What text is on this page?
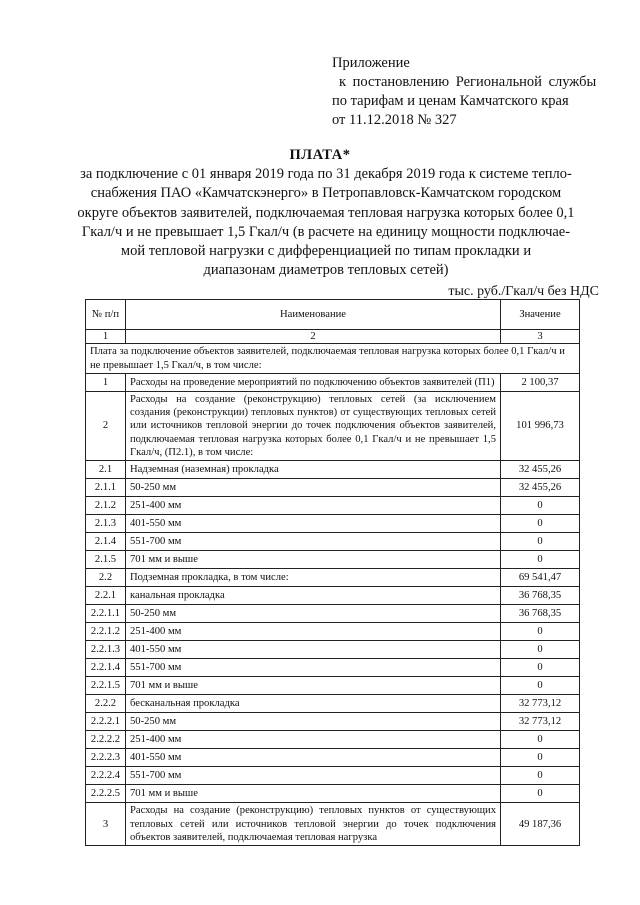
Приложение
к постановлению Региональной службы
по тарифам и ценам Камчатского края
от 11.12.2018 № 327
ПЛАТА*
за подключение с 01 января 2019 года по 31 декабря 2019 года к системе тепло-
снабжения ПАО «Камчатскэнерго» в Петропавловск-Камчатском городском
округе объектов заявителей, подключаемая тепловая нагрузка которых более 0,1
Гкал/ч и не превышает 1,5 Гкал/ч (в расчете на единицу мощности подключае-
мой тепловой нагрузки с дифференциацией по типам прокладки и
диапазонам диаметров тепловых сетей)
тыс. руб./Гкал/ч без НДС
№ п/п	Наименование	Значение
1	2	3
Плата за подключение объектов заявителей, подключаемая тепловая нагрузка которых более 0,1 Гкал/ч и не превышает 1,5 Гкал/ч, в том числе:		
1	Расходы на проведение мероприятий по подключению объектов заявителей (П1)	2 100,37
2	Расходы на создание (реконструкцию) тепловых сетей (за исключением создания (реконструкции) тепловых пунктов) от существующих тепловых сетей или источников тепловой энергии до точек подключения объектов заявителей, подключаемая тепловая нагрузка которых более 0,1 Гкал/ч и не превышает 1,5 Гкал/ч, (П2.1), в том числе:	101 996,73
2.1	Надземная (наземная) прокладка	32 455,26
2.1.1	50-250 мм	32 455,26
2.1.2	251-400 мм	0
2.1.3	401-550 мм	0
2.1.4	551-700 мм	0
2.1.5	701 мм и выше	0
2.2	Подземная прокладка, в том числе:	69 541,47
2.2.1	канальная прокладка	36 768,35
2.2.1.1	50-250 мм	36 768,35
2.2.1.2	251-400 мм	0
2.2.1.3	401-550 мм	0
2.2.1.4	551-700 мм	0
2.2.1.5	701 мм и выше	0
2.2.2	бесканальная прокладка	32 773,12
2.2.2.1	50-250 мм	32 773,12
2.2.2.2	251-400 мм	0
2.2.2.3	401-550 мм	0
2.2.2.4	551-700 мм	0
2.2.2.5	701 мм и выше	0
3	Расходы на создание (реконструкцию) тепловых пунктов от существующих тепловых сетей или источников тепловой энергии до точек подключения объектов заявителей, подключаемая тепловая нагрузка	49 187,36
